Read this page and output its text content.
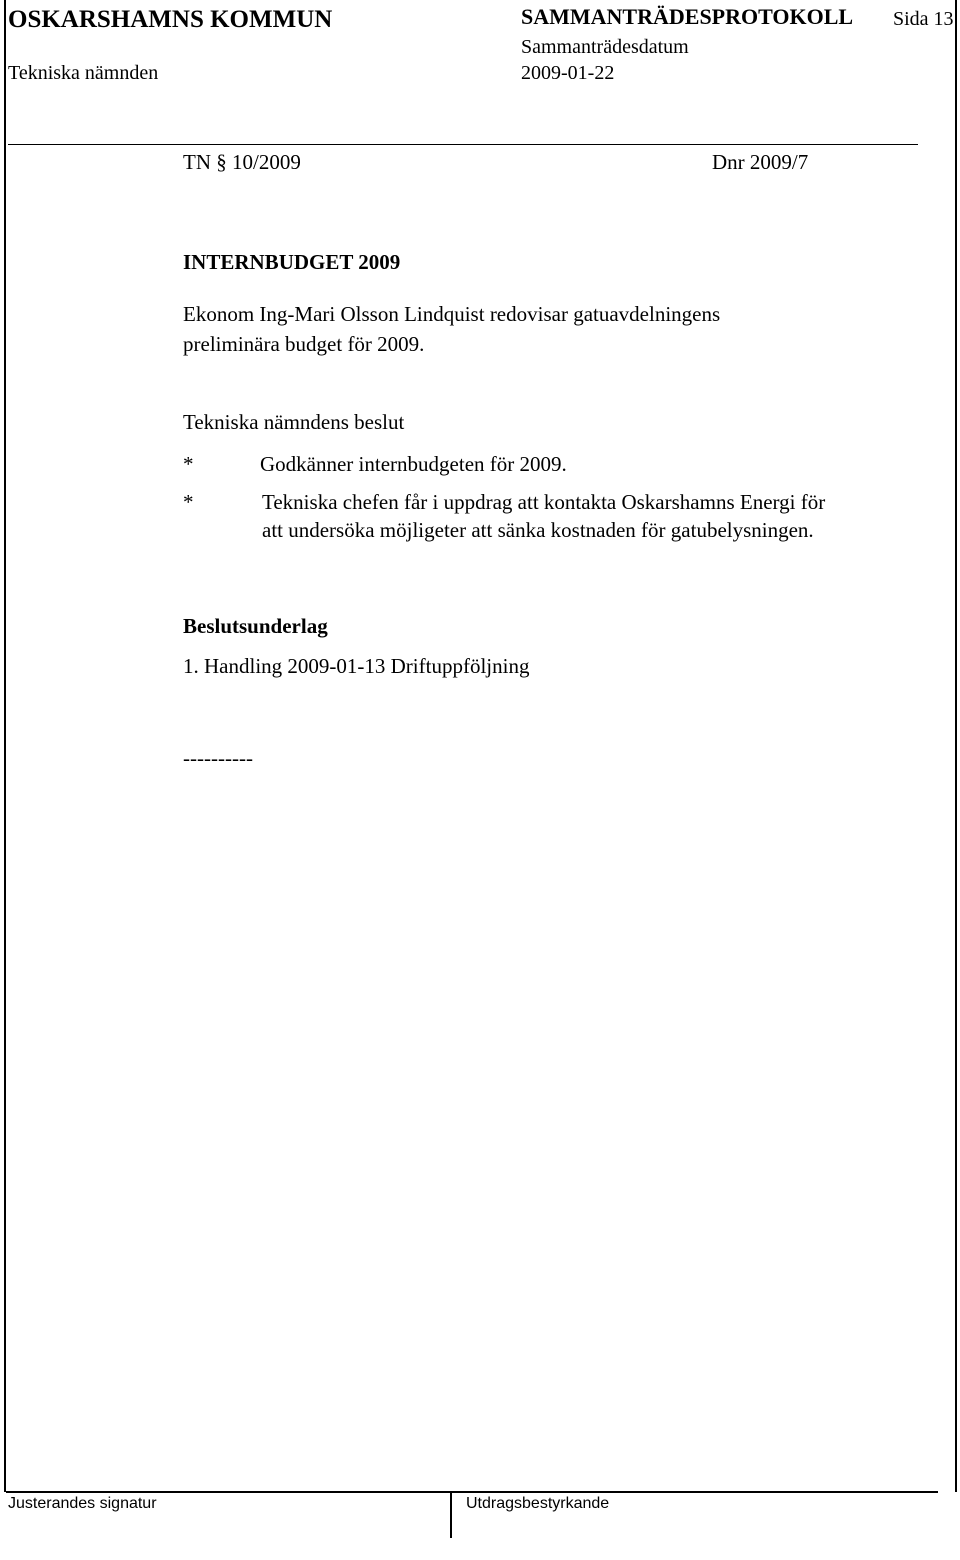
OSKARSHAMNS KOMMUN
Tekniska nämnden
SAMMANTRÄDESPROTOKOLL
Sammanträdesdatum
2009-01-22
Sida 13
TN § 10/2009	Dnr 2009/7
INTERNBUDGET 2009
Ekonom Ing-Mari Olsson Lindquist redovisar gatuavdelningens
preliminära budget för 2009.
Tekniska nämndens beslut
*	Godkänner internbudgeten för 2009.
*	Tekniska chefen får i uppdrag att kontakta Oskarshamns Energi för
att undersöka möjligeter att sänka kostnaden för gatubelysningen.
Beslutsunderlag
1. Handling 2009-01-13 Driftuppföljning
----------
Justerandes signatur	Utdragsbestyrkande
